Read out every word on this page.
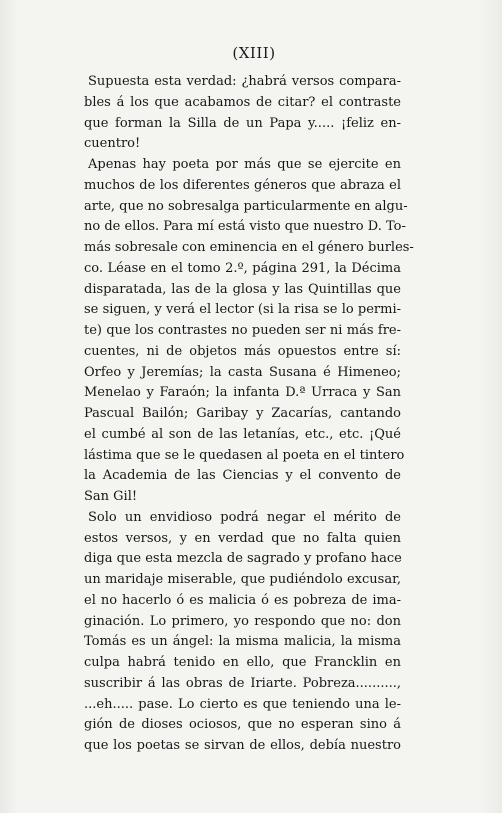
(XIII)
Supuesta esta verdad: ¿habrá versos compara-
bles á los que acabamos de citar? el contraste
que forman la Silla de un Papa y..... ¡feliz en-
cuentro!
Apenas hay poeta por más que se ejercite en
muchos de los diferentes géneros que abraza el
arte, que no sobresalga particularmente en algu-
no de ellos. Para mí está visto que nuestro D. To-
más sobresale con eminencia en el género burles-
co. Léase en el tomo 2.º, página 291, la Décima
disparatada, las de la glosa y las Quintillas que
se siguen, y verá el lector (si la risa se lo permi-
te) que los contrastes no pueden ser ni más fre-
cuentes, ni de objetos más opuestos entre sí:
Orfeo y Jeremías; la casta Susana é Himeneo;
Menelao y Faraón; la infanta D.ª Urraca y San
Pascual Bailón; Garibay y Zacarías, cantando
el cumbé al son de las letanías, etc., etc. ¡Qué
lástima que se le quedasen al poeta en el tintero
la Academia de las Ciencias y el convento de
San Gil!
Solo un envidioso podrá negar el mérito de
estos versos, y en verdad que no falta quien
diga que esta mezcla de sagrado y profano hace
un maridaje miserable, que pudiéndolo excusar,
el no hacerlo ó es malicia ó es pobreza de ima-
ginación. Lo primero, yo respondo que no: don
Tomás es un ángel: la misma malicia, la misma
culpa habrá tenido en ello, que Francklin en
suscribir á las obras de Iriarte. Pobreza..........,
...eh..... pase. Lo cierto es que teniendo una le-
gión de dioses ociosos, que no esperan sino á
que los poetas se sirvan de ellos, debía nuestro
